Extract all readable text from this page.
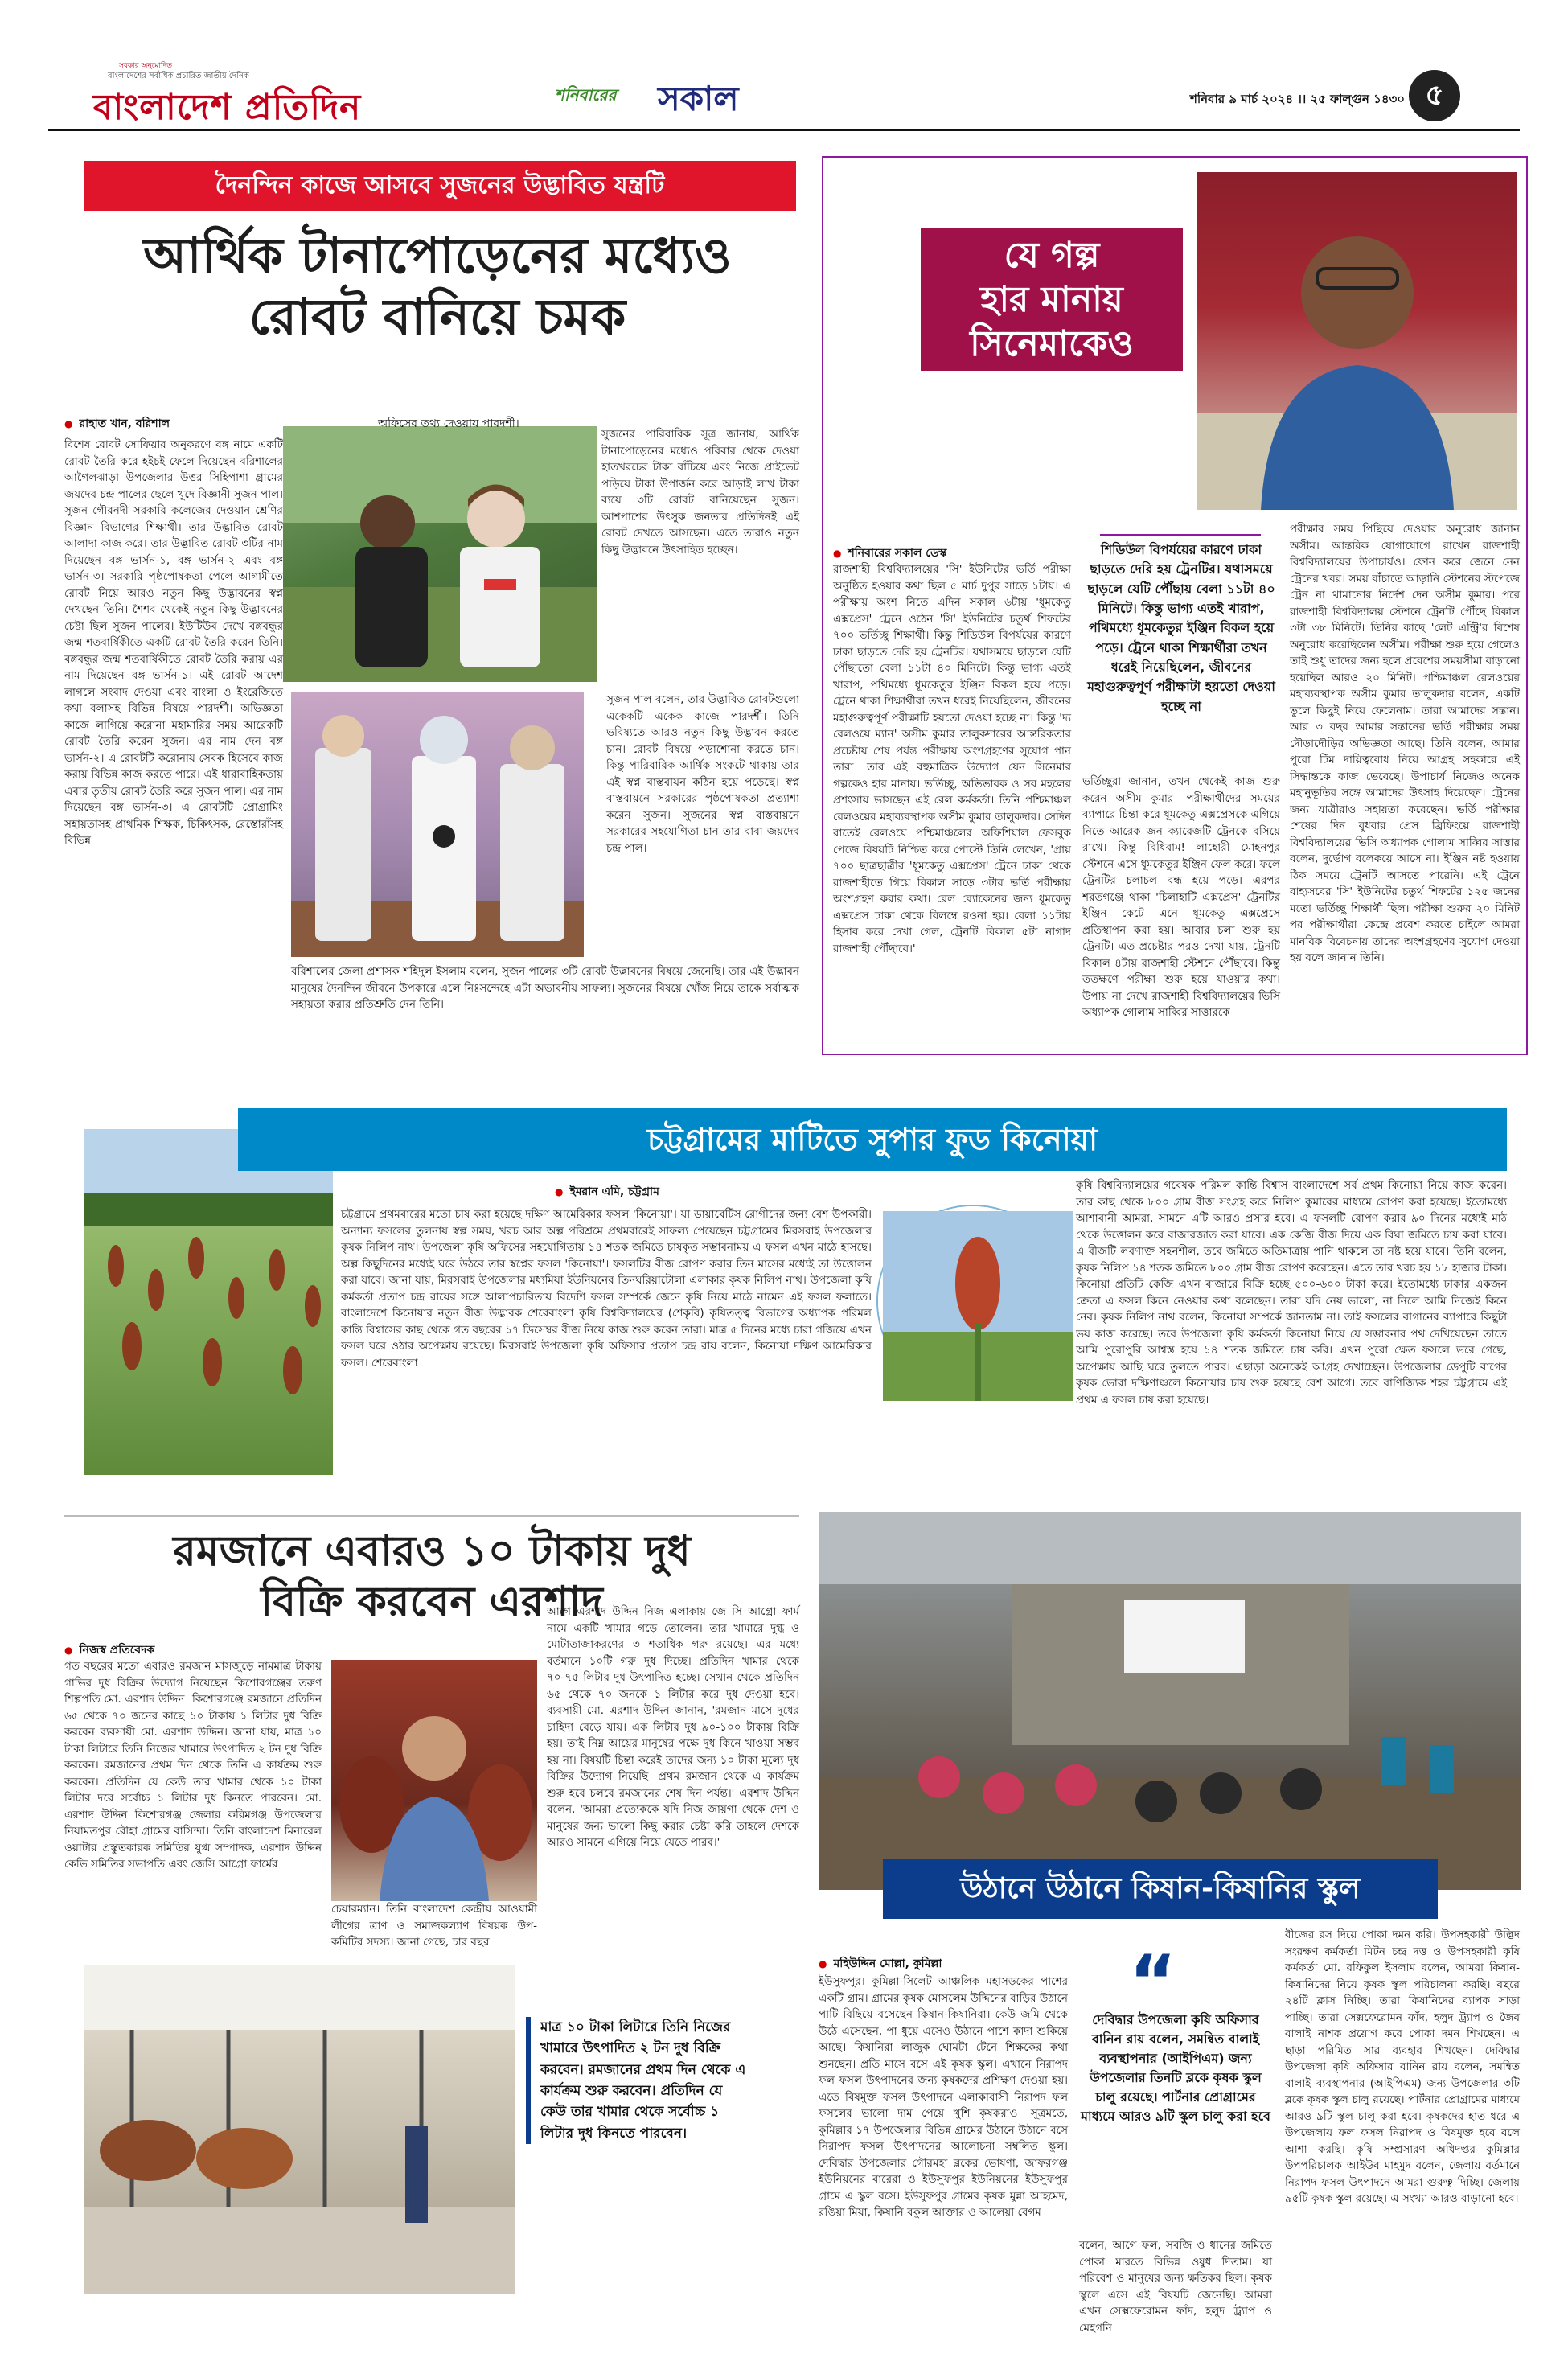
সরকার অনুমোদিত
বাংলাদেশের সর্বাধিক প্রচারিত জাতীয় দৈনিক
বাংলাদেশ প্রতিদিন	সকাল
শনিবারের	শনিবার ৯ মার্চ ২০২৪ ।। ২৫ ফাল্গুন ১৪৩০ ৫
দৈনন্দিন কাজে আসবে সুজনের উদ্ভাবিত যন্ত্রটি
আর্থিক টানাপোড়েনের মধ্যেও
রোবট বানিয়ে চমক
● রাহাত খান, বরিশাল	অফিসের তথ্য দেওয়ায় পারদর্শী।
বিশেষ রোবট সোফিয়ার অনুকরণে বঙ্গ নামে একটি রোবট তৈরি করে হইচই ফেলে দিয়েছেন বরিশালের আগৈলঝাড়া উপজেলার উত্তর সিহিপাশা গ্রামের জয়দেব চন্দ্র পালের ছেলে খুদে বিজ্ঞানী সুজন পাল। সুজন গৌরনদী সরকারি কলেজের দেওয়ান শ্রেণির বিজ্ঞান বিভাগের শিক্ষার্থী। তার উদ্ভাবিত রোবট আলাদা কাজ করে। তার উদ্ভাবিত রোবট ৩টির নাম দিয়েছেন বঙ্গ ভার্সন-১, বঙ্গ ভার্সন-২ এবং বঙ্গ ভার্সন-৩। সরকারি পৃষ্ঠপোষকতা পেলে আগামীতে রোবট নিয়ে আরও নতুন কিছু উদ্ভাবনের স্বপ্ন দেখছেন তিনি। শৈশব থেকেই নতুন কিছু উদ্ভাবনের চেষ্টা ছিল সুজন পালের। ইউটিউব দেখে বঙ্গবন্ধুর জন্ম শতবার্ষিকীতে একটি রোবট তৈরি করেন তিনি। বঙ্গবন্ধুর জন্ম শতবার্ষিকীতে রোবট তৈরি করায় এর নাম দিয়েছেন বঙ্গ ভার্সন-১। এই রোবট আদেশ লাগলে সংবাদ দেওয়া এবং বাংলা ও ইংরেজিতে কথা বলাসহ বিভিন্ন বিষয়ে পারদর্শী। অভিজ্ঞতা কাজে লাগিয়ে করোনা মহামারির সময় আরেকটি রোবট তৈরি করেন সুজন। এর নাম দেন বঙ্গ ভার্সন-২। এ রোবটটি করোনায় সেবক হিসেবে কাজ করায় বিভিন্ন কাজ করতে পারে। এই ধারাবাহিকতায় এবার তৃতীয় রোবট তৈরি করে সুজন পাল। এর নাম দিয়েছেন বঙ্গ ভার্সন-৩। এ রোবটটি প্রোগ্রামিং সহায়তাসহ প্রাথমিক শিক্ষক, চিকিৎসক, রেস্তোরাঁসহ বিভিন্ন
সুজনের পারিবারিক সূত্র জানায়, আর্থিক টানাপোড়েনের মধ্যেও পরিবার থেকে দেওয়া হাতখরচের টাকা বাঁচিয়ে এবং নিজে প্রাইভেট পড়িয়ে টাকা উপার্জন করে আড়াই লাখ টাকা ব্যয়ে ৩টি রোবট বানিয়েছেন সুজন। আশপাশের উৎসুক জনতার প্রতিদিনই এই রোবট দেখতে আসছেন। এতে তারাও নতুন কিছু উদ্ভাবনে উৎসাহিত হচ্ছেন।
সুজন পাল বলেন, তার উদ্ভাবিত রোবটগুলো একেকটি একেক কাজে পারদর্শী। তিনি ভবিষ্যতে আরও নতুন কিছু উদ্ভাবন করতে চান। রোবট বিষয়ে পড়াশোনা করতে চান। কিন্তু পারিবারিক আর্থিক সংকটে থাকায় তার এই স্বপ্ন বাস্তবায়ন কঠিন হয়ে পড়েছে। স্বপ্ন বাস্তবায়নে সরকারের পৃষ্ঠপোষকতা প্রত্যাশা করেন সুজন। সুজনের স্বপ্ন বাস্তবায়নে সরকারের সহযোগিতা চান তার বাবা জয়দেব চন্দ্র পাল।
বরিশালের জেলা প্রশাসক শহিদুল ইসলাম বলেন, সুজন পালের ৩টি রোবট উদ্ভাবনের বিষয়ে জেনেছি। তার এই উদ্ভাবন মানুষের দৈনন্দিন জীবনে উপকারে এলে নিঃসন্দেহে এটা অভাবনীয় সাফল্য। সুজনের বিষয়ে খোঁজ নিয়ে তাকে সর্বাত্মক সহায়তা করার প্রতিশ্রুতি দেন তিনি।
যে গল্প
হার মানায়
সিনেমাকেও
● শনিবারের সকাল ডেস্ক
রাজশাহী বিশ্ববিদ্যালয়ের 'সি' ইউনিটের ভর্তি পরীক্ষা অনুষ্ঠিত হওয়ার কথা ছিল ৫ মার্চ দুপুর সাড়ে ১টায়। এ পরীক্ষায় অংশ নিতে এদিন সকাল ৬টায় 'ধূমকেতু এক্সপ্রেস' ট্রেনে ওঠেন 'সি' ইউনিটের চতুর্থ শিফটের ৭০০ ভর্তিচ্ছু শিক্ষার্থী। কিন্তু শিডিউল বিপর্যয়ের কারণে ঢাকা ছাড়তে দেরি হয় ট্রেনটির। যথাসময়ে ছাড়লে যেটি পৌঁছাতো বেলা ১১টা ৪০ মিনিটে। কিন্তু ভাগ্য এতই খারাপ, পথিমধ্যে ধূমকেতুর ইঞ্জিন বিকল হয়ে পড়ে। ট্রেনে থাকা শিক্ষার্থীরা তখন ধরেই নিয়েছিলেন, জীবনের মহাগুরুত্বপূর্ণ পরীক্ষাটি হয়তো দেওয়া হচ্ছে না। কিন্তু 'দ্য রেলওয়ে ম্যান' অসীম কুমার তালুকদারের আন্তরিকতার প্রচেষ্টায় শেষ পর্যন্ত পরীক্ষায় অংশগ্রহণের সুযোগ পান তারা। তার এই বহুমাত্রিক উদ্যোগ যেন সিনেমার গল্পকেও হার মানায়। ভর্তিচ্ছু, অভিভাবক ও সব মহলের প্রশংসায় ভাসছেন এই রেল কর্মকর্তা। তিনি পশ্চিমাঞ্চল রেলওয়ের মহাব্যবস্থাপক অসীম কুমার তালুকদার। সেদিন রাতেই রেলওয়ে পশ্চিমাঞ্চলের অফিশিয়াল ফেসবুক পেজে বিষয়টি নিশ্চিত করে পোস্টে তিনি লেখেন, 'প্রায় ৭০০ ছাত্রছাত্রীর 'ধূমকেতু এক্সপ্রেস' ট্রেনে ঢাকা থেকে রাজশাহীতে গিয়ে বিকাল সাড়ে ৩টার ভর্তি পরীক্ষায় অংশগ্রহণ করার কথা। রেল ব্যোকেনের জন্য ধূমকেতু এক্সপ্রেস ঢাকা থেকে বিলম্বে রওনা হয়। বেলা ১১টায় হিসাব করে দেখা গেল, ট্রেনটি বিকাল ৫টা নাগাদ রাজশাহী পৌঁছাবে।'
শিডিউল বিপর্যয়ের কারণে ঢাকা ছাড়তে দেরি হয় ট্রেনটির। যথাসময়ে ছাড়লে যেটি পৌঁছায় বেলা ১১টা ৪০ মিনিটে। কিন্তু ভাগ্য এতই খারাপ, পথিমধ্যে ধূমকেতুর ইঞ্জিন বিকল হয়ে পড়ে। ট্রেনে থাকা শিক্ষার্থীরা তখন ধরেই নিয়েছিলেন, জীবনের মহাগুরুত্বপূর্ণ পরীক্ষাটা হয়তো দেওয়া হচ্ছে না
ভর্তিচ্ছুরা জানান, তখন থেকেই কাজ শুরু করেন অসীম কুমার। পরীক্ষার্থীদের সময়ের ব্যাপারে চিন্তা করে ধূমকেতু এক্সপ্রেসকে এগিয়ে নিতে আরেক জন ক্যারেজটি ট্রেনকে বসিয়ে রাখে। কিন্তু বিধিবাম! লাহোরী মোহনপুর স্টেশনে এসে ধূমকেতুর ইঞ্জিন ফেল করে। ফলে ট্রেনটির চলাচল বন্ধ হয়ে পড়ে। এরপর শরতগঞ্জে থাকা 'চিলাহাটি এক্সপ্রেস' ট্রেনটির ইঞ্জিন কেটে এনে ধূমকেতু এক্সপ্রেসে প্রতিস্থাপন করা হয়। আবার চলা শুরু হয় ট্রেনটি। এত প্রচেষ্টার পরও দেখা যায়, ট্রেনটি বিকাল ৪টায় রাজশাহী স্টেশনে পৌঁছাবে। কিন্তু ততক্ষণে পরীক্ষা শুরু হয়ে যাওয়ার কথা। উপায় না দেখে রাজশাহী বিশ্ববিদ্যালয়ের ভিসি অধ্যাপক গোলাম সাব্বির সাত্তারকে
পরীক্ষার সময় পিছিয়ে দেওয়ার অনুরোধ জানান অসীম। আন্তরিক যোগাযোগে রাখেন রাজশাহী বিশ্ববিদ্যালয়ের উপাচার্যও। ফোন করে জেনে নেন ট্রেনের খবর। সময় বাঁচাতে আড়ানি স্টেশনের স্টপেজে ট্রেন না থামানোর নির্দেশ দেন অসীম কুমার। পরে রাজশাহী বিশ্ববিদ্যালয় স্টেশনে ট্রেনটি পৌঁছে বিকাল ৩টা ৩৮ মিনিটে। তিনির কাছে 'লেট এন্ট্রি'র বিশেষ অনুরোধ করেছিলেন অসীম। পরীক্ষা শুরু হয়ে গেলেও তাই শুধু তাদের জন্য হলে প্রবেশের সময়সীমা বাড়ানো হয়েছিল আরও ২০ মিনিট। পশ্চিমাঞ্চল রেলওয়ের মহাব্যবস্থাপক অসীম কুমার তালুকদার বলেন, একটি ভুলে কিছুই নিয়ে ফেলেনাম। তারা আমাদের সন্তান। আর ৩ বছর আমার সন্তানের ভর্তি পরীক্ষার সময় দৌড়াদৌড়ির অভিজ্ঞতা আছে। তিনি বলেন, আমার পুরো টিম দায়িত্ববোধ নিয়ে আগ্রহ সহকারে এই সিদ্ধান্তকে কাজ ভেবেছে। উপাচার্য নিজেও অনেক মহানুভূতির সঙ্গে আমাদের উৎসাহ দিয়েছেন। ট্রেনের জন্য যাত্রীরাও সহায়তা করেছেন। ভর্তি পরীক্ষার শেষের দিন বুধবার প্রেস ব্রিফিংয়ে রাজশাহী বিশ্ববিদ্যালয়ের ভিসি অধ্যাপক গোলাম সাব্বির সাত্তার বলেন, দুর্ভোগ বলেকয়ে আসে না। ইঞ্জিন নষ্ট হওয়ায় ঠিক সময়ে ট্রেনটি আসতে পারেনি। এই ট্রেনে বাহ্যসবের 'সি' ইউনিটের চতুর্থ শিফটের ১২৫ জনের মতো ভর্তিচ্ছু শিক্ষার্থী ছিল। পরীক্ষা শুরুর ২০ মিনিট পর পরীক্ষার্থীরা কেন্দ্রে প্রবেশ করতে চাইলে আমরা মানবিক বিবেচনায় তাদের অংশগ্রহণের সুযোগ দেওয়া হয় বলে জানান তিনি।
চট্টগ্রামের মাটিতে সুপার ফুড কিনোয়া
● ইমরান এমি, চট্টগ্রাম
চট্টগ্রামে প্রথমবারের মতো চাষ করা হয়েছে দক্ষিণ আমেরিকার ফসল 'কিনোয়া'। যা ডায়াবেটিস রোগীদের জন্য বেশ উপকারী। অন্যান্য ফসলের তুলনায় স্বল্প সময়, খরচ আর অল্প পরিশ্রমে প্রথমবারেই সাফল্য পেয়েছেন চট্টগ্রামের মিরসরাই উপজেলার কৃষক নিলিপ নাথ। উপজেলা কৃষি অফিসের সহযোগিতায় ১৪ শতক জমিতে চাষকৃত সম্ভাবনাময় এ ফসল এখন মাঠে হাসছে। অল্প কিছুদিনের মধ্যেই ঘরে উঠবে তার স্বপ্নের ফসল 'কিনোয়া'। ফসলটির বীজ রোপণ করার তিন মাসের মধ্যেই তা উত্তোলন করা যাবে। জানা যায়, মিরসরাই উপজেলার মধ্যমিয়া ইউনিয়নের তিনঘরিয়াটোলা এলাকার কৃষক নিলিপ নাথ। উপজেলা কৃষি কর্মকর্তা প্রতাপ চন্দ্র রায়ের সঙ্গে আলাপচারিতায় বিদেশি ফসল সম্পর্কে জেনে কৃষি নিয়ে মাঠে নামেন এই ফসল ফলাতে। বাংলাদেশে কিনোয়ার নতুন বীজ উদ্ভাবক শেরেবাংলা কৃষি বিশ্ববিদ্যালয়ের (শেকৃবি) কৃষিতত্ত্ব বিভাগের অধ্যাপক পরিমল কান্তি বিশ্বাসের কাছ থেকে গত বছরের ১৭ ডিসেম্বর বীজ নিয়ে কাজ শুরু করেন তারা। মাত্র ৫ দিনের মধ্যে চারা গজিয়ে এখন ফসল ঘরে ওঠার অপেক্ষায় রয়েছে। মিরসরাই উপজেলা কৃষি অফিসার প্রতাপ চন্দ্র রায় বলেন, কিনোয়া দক্ষিণ আমেরিকার ফসল। শেরেবাংলা
কৃষি বিশ্ববিদ্যালয়ের গবেষক পরিমল কান্তি বিশ্বাস বাংলাদেশে সর্ব প্রথম কিনোয়া নিয়ে কাজ করেন। তার কাছ থেকে ৮০০ গ্রাম বীজ সংগ্রহ করে নিলিপ কুমারের মাধ্যমে রোপণ করা হয়েছে। ইতোমধ্যে আশাবানী আমরা, সামনে এটি আরও প্রসার হবে। এ ফসলটি রোপণ করার ৯০ দিনের মধ্যেই মাঠ থেকে উত্তোলন করে বাজারজাত করা যাবে। এক কেজি বীজ দিয়ে এক বিঘা জমিতে চাষ করা যাবে। এ বীজটি লবণাক্ত সহনশীল, তবে জমিতে অতিমাত্রায় পানি থাকলে তা নষ্ট হয়ে যাবে। তিনি বলেন, কৃষক নিলিপ ১৪ শতক জমিতে ৮০০ গ্রাম বীজ রোপণ করেছেন। এতে তার খরচ হয় ১৮ হাজার টাকা। কিনোয়া প্রতিটি কেজি এখন বাজারে বিক্রি হচ্ছে ৫০০-৬০০ টাকা করে। ইতোমধ্যে ঢাকার একজন ক্রেতা এ ফসল কিনে নেওয়ার কথা বলেছেন। তারা যদি নেয় ভালো, না নিলে আমি নিজেই কিনে নেব। কৃষক নিলিপ নাথ বলেন, কিনোয়া সম্পর্কে জানতাম না। তাই ফসলের বাগানের ব্যাপারে কিছুটা ভয় কাজ করেছে। তবে উপজেলা কৃষি কর্মকর্তা কিনোয়া নিয়ে যে সম্ভাবনার পথ দেখিয়েছেন তাতে আমি পুরোপুরি আশ্বস্ত হয়ে ১৪ শতক জমিতে চাষ করি। এখন পুরো ক্ষেত ফসলে ভরে গেছে, অপেক্ষায় আছি ঘরে তুলতে পারব। এছাড়া অনেকেই আগ্রহ দেখাচ্ছেন। উপজেলার ডেপুটি বাগের কৃষক ভোরা দক্ষিণাঞ্চলে কিনোয়ার চাষ শুরু হয়েছে বেশ আগে। তবে বাণিজ্যিক শহর চট্টগ্রামে এই প্রথম এ ফসল চাষ করা হয়েছে।
রমজানে এবারও ১০ টাকায় দুধ
বিক্রি করবেন এরশাদ
● নিজস্ব প্রতিবেদক
গত বছরের মতো এবারও রমজান মাসজুড়ে নামমাত্র টাকায় গাভির দুধ বিক্রির উদ্যোগ নিয়েছেন কিশোরগঞ্জের তরুণ শিল্পপতি মো. এরশাদ উদ্দিন। কিশোরগঞ্জে রমজানে প্রতিদিন ৬৫ থেকে ৭০ জনের কাছে ১০ টাকায় ১ লিটার দুধ বিক্রি করবেন ব্যবসায়ী মো. এরশাদ উদ্দিন। জানা যায়, মাত্র ১০ টাকা লিটারে তিনি নিজের খামারে উৎপাদিত ২ টন দুধ বিক্রি করবেন। রমজানের প্রথম দিন থেকে তিনি এ কার্যক্রম শুরু করবেন। প্রতিদিন যে কেউ তার খামার থেকে ১০ টাকা লিটার দরে সর্বোচ্চ ১ লিটার দুধ কিনতে পারবেন। মো. এরশাদ উদ্দিন কিশোরগঞ্জ জেলার করিমগঞ্জ উপজেলার নিয়ামতপুর রৌহা গ্রামের বাসিন্দা। তিনি বাংলাদেশ মিনারেল ওয়াটার প্রস্তুতকারক সমিতির যুগ্ম সম্পাদক, এরশাদ উদ্দিন কেভি সমিতির সভাপতি এবং জেসি আগ্রো ফার্মের
চেয়ারম্যান। তিনি বাংলাদেশ কেন্দ্রীয় আওয়ামী লীগের ত্রাণ ও সমাজকল্যাণ বিষয়ক উপ-কমিটির সদস্য। জানা গেছে, চার বছর
আগে এরশাদ উদ্দিন নিজ এলাকায় জে সি আগ্রো ফার্ম নামে একটি খামার গড়ে তোলেন। তার খামারে দুগ্ধ ও মোটাতাজাকরণের ৩ শতাধিক গরু রয়েছে। এর মধ্যে বর্তমানে ১০টি গরু দুধ দিচ্ছে। প্রতিদিন খামার থেকে ৭০-৭৫ লিটার দুধ উৎপাদিত হচ্ছে। সেখান থেকে প্রতিদিন ৬৫ থেকে ৭০ জনকে ১ লিটার করে দুধ দেওয়া হবে। ব্যবসায়ী মো. এরশাদ উদ্দিন জানান, 'রমজান মাসে দুধের চাহিদা বেড়ে যায়। এক লিটার দুধ ৯০-১০০ টাকায় বিক্রি হয়। তাই নিম্ন আয়ের মানুষের পক্ষে দুধ কিনে খাওয়া সম্ভব হয় না। বিষয়টি চিন্তা করেই তাদের জন্য ১০ টাকা মূল্যে দুধ বিক্রির উদ্যোগ নিয়েছি। প্রথম রমজান থেকে এ কার্যক্রম শুরু হবে চলবে রমজানের শেষ দিন পর্যন্ত।' এরশাদ উদ্দিন বলেন, 'আমরা প্রত্যেককে যদি নিজ জায়গা থেকে দেশ ও মানুষের জন্য ভালো কিছু করার চেষ্টা করি তাহলে দেশকে আরও সামনে এগিয়ে নিয়ে যেতে পারব।'
মাত্র ১০ টাকা লিটারে তিনি নিজের খামারে উৎপাদিত ২ টন দুধ বিক্রি করবেন। রমজানের প্রথম দিন থেকে এ কার্যক্রম শুরু করবেন। প্রতিদিন যে কেউ তার খামার থেকে সর্বোচ্চ ১ লিটার দুধ কিনতে পারবেন।
উঠানে উঠানে কিষান-কিষানির স্কুল
● মহিউদ্দিন মোল্লা, কুমিল্লা
ইউসুফপুর। কুমিল্লা-সিলেট আঞ্চলিক মহাসড়কের পাশের একটি গ্রাম। গ্রামের কৃষক মোসলেম উদ্দিনের বাড়ির উঠানে পাটি বিছিয়ে বসেছেন কিষান-কিষানিরা। কেউ জমি থেকে উঠে এসেছেন, পা ধুয়ে এসেও উঠানে পাশে কাদা শুকিয়ে আছে। কিষানিরা লাজুক ঘোমটা টেনে শিক্ষকের কথা শুনছেন। প্রতি মাসে বসে এই কৃষক স্কুল। এখানে নিরাপদ ফল ফসল উৎপাদনের জন্য কৃষকদের প্রশিক্ষণ দেওয়া হয়। এতে বিষমুক্ত ফসল উৎপাদনে এলাকাবাসী নিরাপদ ফল ফসলের ভালো দাম পেয়ে খুশি কৃষকরাও। সূত্রমতে, কুমিল্লার ১৭ উপজেলার বিভিন্ন গ্রামের উঠানে উঠানে বসে নিরাপদ ফসল উৎপাদনের আলোচনা সম্বলিত স্কুল। দেবিদ্বার উপজেলার গৌরমহা ব্লকের ভোষণা, জাফরগঞ্জ ইউনিয়নের বারেরা ও ইউসুফপুর ইউনিয়নের ইউসুফপুর গ্রামে এ স্কুল বসে। ইউসুফপুর গ্রামের কৃষক মুন্না আহমেদ, রঙিয়া মিয়া, কিষানি বকুল আক্তার ও আলেয়া বেগম
“
দেবিদ্বার উপজেলা কৃষি অফিসার বানিন রায় বলেন, সমন্বিত বালাই ব্যবস্থাপনার (আইপিএম) জন্য উপজেলার তিনটি ব্লকে কৃষক স্কুল চালু রয়েছে। পার্টনার প্রোগ্রামের মাধ্যমে আরও ৯টি স্কুল চালু করা হবে
বলেন, আগে ফল, সবজি ও ধানের জমিতে পোকা মারতে বিভিন্ন ওষুধ দিতাম। যা পরিবেশ ও মানুষের জন্য ক্ষতিকর ছিল। কৃষক স্কুলে এসে এই বিষয়টি জেনেছি। আমরা এখন সেক্সফেরোমন ফাঁদ, হলুদ ট্র্যাপ ও মেহগনি
বীজের রস দিয়ে পোকা দমন করি। উপসহকারী উদ্ভিদ সংরক্ষণ কর্মকর্তা মিটন চন্দ্র দত্ত ও উপসহকারী কৃষি কর্মকর্তা মো. রফিকুল ইসলাম বলেন, আমরা কিষান-কিষানিদের নিয়ে কৃষক স্কুল পরিচালনা করছি। বছরে ২৪টি ক্লাস নিচ্ছি। তারা কিষানিদের ব্যাপক সাড়া পাচ্ছি। তারা সেক্সফেরোমন ফাঁদ, হলুদ ট্র্যাপ ও জৈব বালাই নাশক প্রয়োগ করে পোকা দমন শিখছেন। এ ছাড়া পরিমিত সার ব্যবহার শিখছেন। দেবিদ্বার উপজেলা কৃষি অফিসার বানিন রায় বলেন, সমন্বিত বালাই ব্যবস্থাপনার (আইপিএম) জন্য উপজেলার ৩টি ব্লকে কৃষক স্কুল চালু রয়েছে। পার্টনার প্রোগ্রামের মাধ্যমে আরও ৯টি স্কুল চালু করা হবে। কৃষকদের হাত ধরে এ উপজেলায় ফল ফসল নিরাপদ ও বিষমুক্ত হবে বলে আশা করছি। কৃষি সম্প্রসারণ অধিদপ্তর কুমিল্লার উপপরিচালক আইউব মাহমুদ বলেন, জেলায় বর্তমানে নিরাপদ ফসল উৎপাদনে আমরা গুরুত্ব দিচ্ছি। জেলায় ৯৫টি কৃষক স্কুল রয়েছে। এ সংখ্যা আরও বাড়ানো হবে।
